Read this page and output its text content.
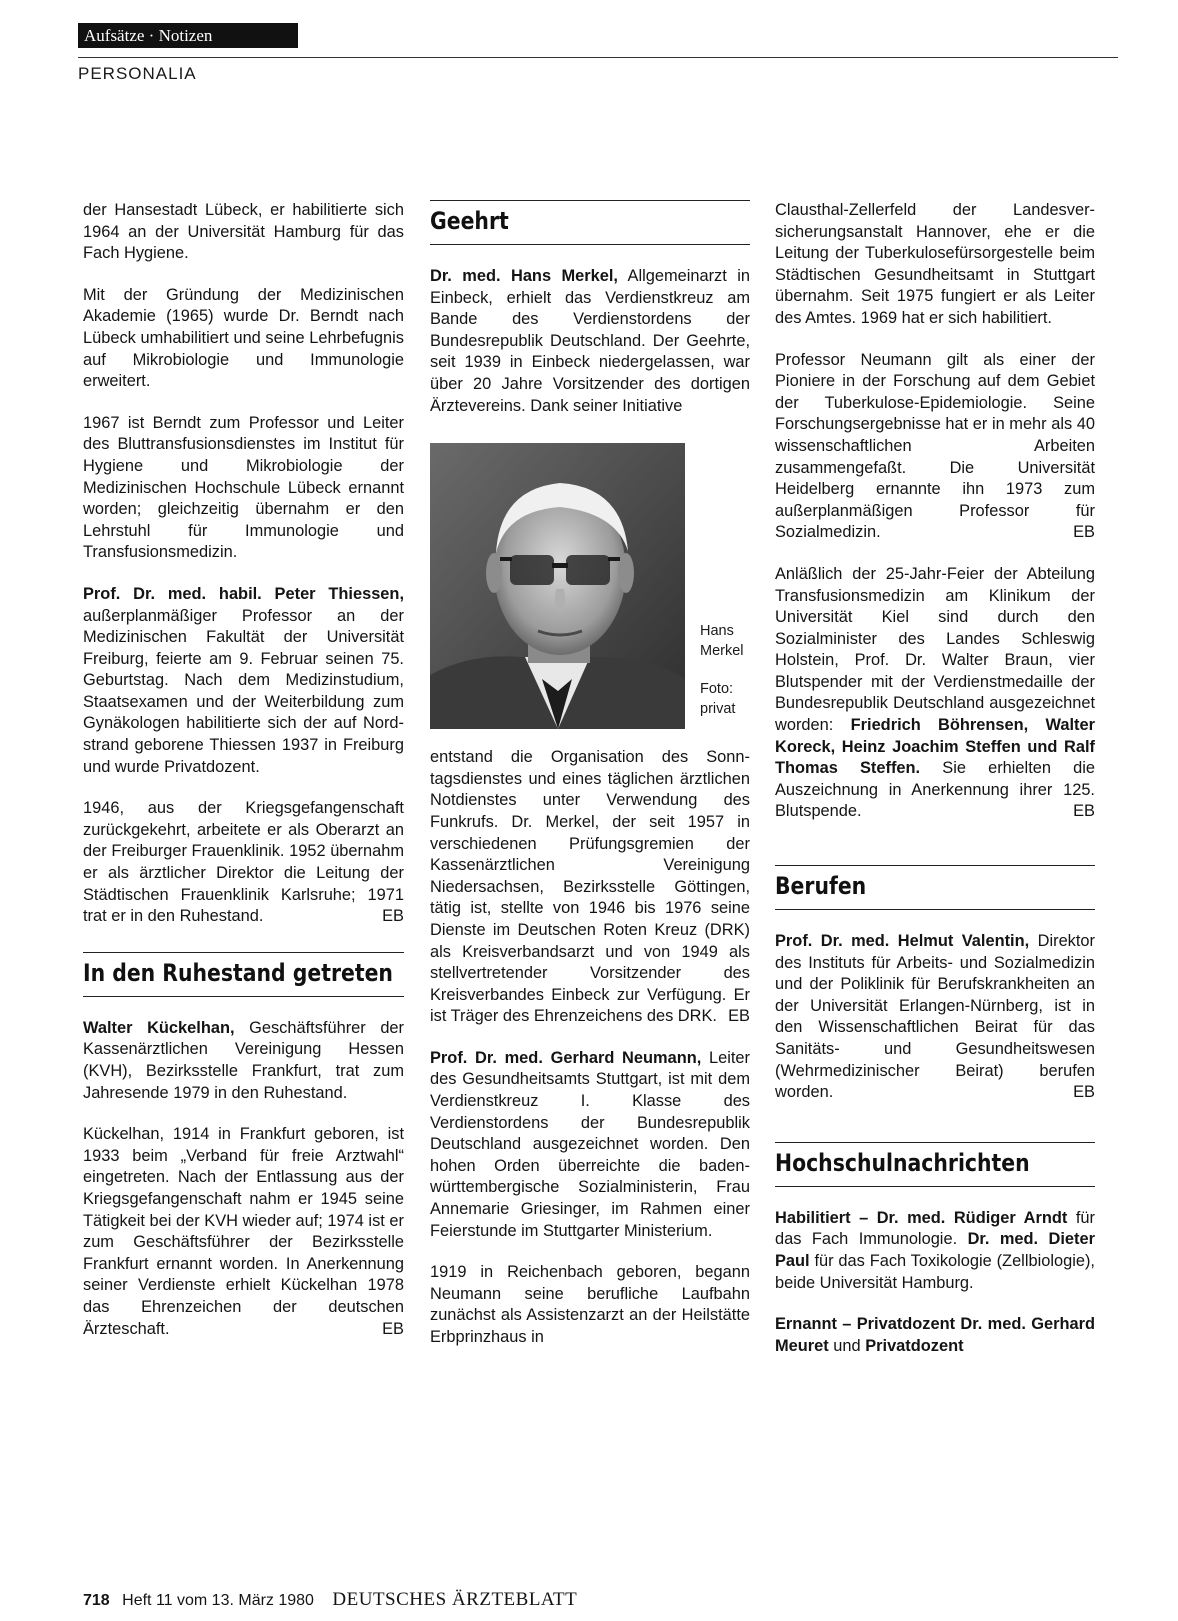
Aufsätze · Notizen
PERSONALIA

der Hansestadt Lübeck, er habilitierte sich 1964 an der Universität Hamburg für das Fach Hygiene.

Mit der Gründung der Medizinischen Akademie (1965) wurde Dr. Berndt nach Lübeck umhabilitiert und seine Lehrbefugnis auf Mikrobiologie und Immunologie erweitert.

1967 ist Berndt zum Professor und Leiter des Bluttransfusionsdienstes im Institut für Hygiene und Mikrobiologie der Medizinischen Hochschule Lübeck ernannt worden; gleichzeitig übernahm er den Lehrstuhl für Immunologie und Transfusionsmedizin.

Prof. Dr. med. habil. Peter Thiessen, außerplanmäßiger Professor an der Medizinischen Fakultät der Universität Freiburg, feierte am 9. Februar seinen 75. Geburtstag. Nach dem Medizinstudium, Staatsexamen und der Weiterbildung zum Gynäkologen habilitierte sich der auf Nordstrand geborene Thiessen 1937 in Freiburg und wurde Privatdozent.

1946, aus der Kriegsgefangenschaft zurückgekehrt, arbeitete er als Oberarzt an der Freiburger Frauenklinik. 1952 übernahm er als ärztlicher Direktor die Leitung der Städtischen Frauenklinik Karlsruhe; 1971 trat er in den Ruhestand.	EB

In den Ruhestand getreten

Walter Kückelhan, Geschäftsführer der Kassenärztlichen Vereinigung Hessen (KVH), Bezirksstelle Frankfurt, trat zum Jahresende 1979 in den Ruhestand.

Kückelhan, 1914 in Frankfurt geboren, ist 1933 beim „Verband für freie Arztwahl“ eingetreten. Nach der Entlassung aus der Kriegsgefangenschaft nahm er 1945 seine Tätigkeit bei der KVH wieder auf; 1974 ist er zum Geschäftsführer der Bezirksstelle Frankfurt ernannt worden. In Anerkennung seiner Verdienste erhielt Kückelhan 1978 das Ehrenzeichen der deutschen Ärzteschaft.	EB

Geehrt

Dr. med. Hans Merkel, Allgemeinarzt in Einbeck, erhielt das Verdienstkreuz am Bande des Verdienstordens der Bundesrepublik Deutschland. Der Geehrte, seit 1939 in Einbeck niedergelassen, war über 20 Jahre Vorsitzender des dortigen Ärztevereins. Dank seiner Initiative

Hans
Merkel
Foto:
privat

entstand die Organisation des Sonntagsdienstes und eines täglichen ärztlichen Notdienstes unter Verwendung des Funkrufs. Dr. Merkel, der seit 1957 in verschiedenen Prüfungsgremien der Kassenärztlichen Vereinigung Niedersachsen, Bezirksstelle Göttingen, tätig ist, stellte von 1946 bis 1976 seine Dienste im Deutschen Roten Kreuz (DRK) als Kreisverbandsarzt und von 1949 als stellvertretender Vorsitzender des Kreisverbandes Einbeck zur Verfügung. Er ist Träger des Ehrenzeichens des DRK. EB

Prof. Dr. med. Gerhard Neumann, Leiter des Gesundheitsamts Stuttgart, ist mit dem Verdienstkreuz I. Klasse des Verdienstordens der Bundesrepublik Deutschland ausgezeichnet worden. Den hohen Orden überreichte die baden-württembergische Sozialministerin, Frau Annemarie Griesinger, im Rahmen einer Feierstunde im Stuttgarter Ministerium.

1919 in Reichenbach geboren, begann Neumann seine berufliche Laufbahn zunächst als Assistenzarzt an der Heilstätte Erbprinzhaus in

Clausthal-Zellerfeld der Landesversicherungsanstalt Hannover, ehe er die Leitung der Tuberkulosefürsorgestelle beim Städtischen Gesundheitsamt in Stuttgart übernahm. Seit 1975 fungiert er als Leiter des Amtes. 1969 hat er sich habilitiert.

Professor Neumann gilt als einer der Pioniere in der Forschung auf dem Gebiet der Tuberkulose-Epidemiologie. Seine Forschungsergebnisse hat er in mehr als 40 wissenschaftlichen Arbeiten zusammengefaßt. Die Universität Heidelberg ernannte ihn 1973 zum außerplanmäßigen Professor für Sozialmedizin.	EB

Anläßlich der 25-Jahr-Feier der Abteilung Transfusionsmedizin am Klinikum der Universität Kiel sind durch den Sozialminister des Landes Schleswig Holstein, Prof. Dr. Walter Braun, vier Blutspender mit der Verdienstmedaille der Bundesrepublik Deutschland ausgezeichnet worden: Friedrich Böhrensen, Walter Koreck, Heinz Joachim Steffen und Ralf Thomas Steffen. Sie erhielten die Auszeichnung in Anerkennung ihrer 125. Blutspende.	EB

Berufen

Prof. Dr. med. Helmut Valentin, Direktor des Instituts für Arbeits- und Sozialmedizin und der Poliklinik für Berufskrankheiten an der Universität Erlangen-Nürnberg, ist in den Wissenschaftlichen Beirat für das Sanitäts- und Gesundheitswesen (Wehrmedizinischer Beirat) berufen worden.	EB

Hochschulnachrichten

Habilitiert – Dr. med. Rüdiger Arndt für das Fach Immunologie. Dr. med. Dieter Paul für das Fach Toxikologie (Zellbiologie), beide Universität Hamburg.

Ernannt – Privatdozent Dr. med. Gerhard Meuret und Privatdozent

718 Heft 11 vom 13. März 1980 DEUTSCHES ÄRZTEBLATT
